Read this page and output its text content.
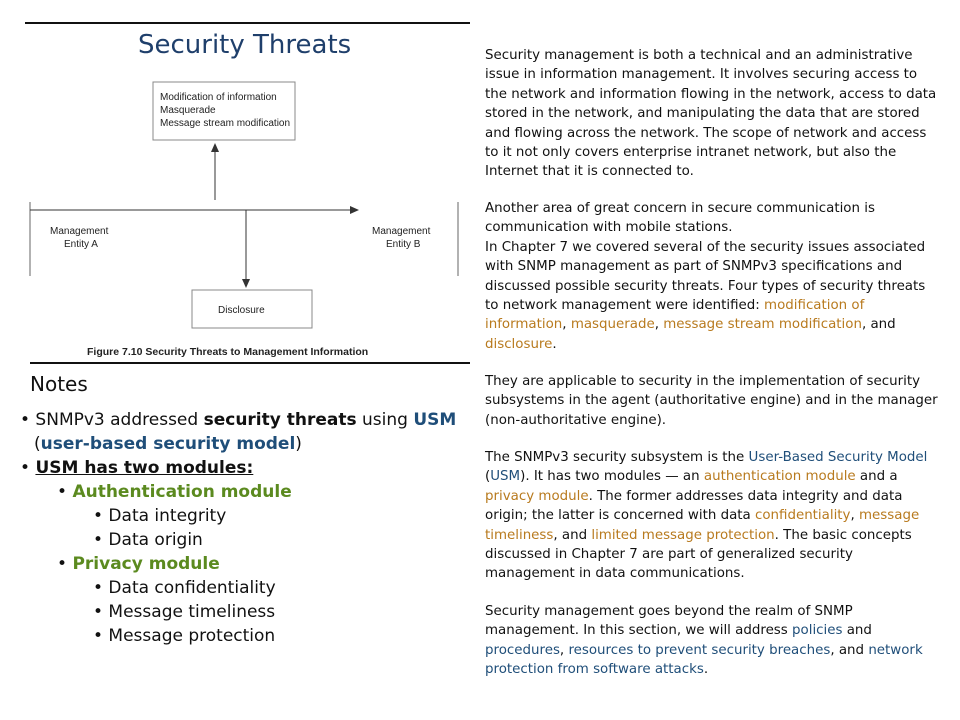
Security Threats
Modification of information
Masquerade
Message stream modification
Management
Entity A
Management
Entity B
Disclosure
Figure 7.10 Security Threats to Management Information
Notes
• SNMPv3 addressed security threats using USM
(user-based security model)
• USM has two modules:
• Authentication module
• Data integrity
• Data origin
• Privacy module
• Data confidentiality
• Message timeliness
• Message protection

Security management is both a technical and an administrative issue in information management. It involves securing access to the network and information flowing in the network, access to data stored in the network, and manipulating the data that are stored and flowing across the network. The scope of network and access to it not only covers enterprise intranet network, but also the Internet that it is connected to.

Another area of great concern in secure communication is communication with mobile stations.

In Chapter 7 we covered several of the security issues associated with SNMP management as part of SNMPv3 specifications and discussed possible security threats. Four types of security threats to network management were identified: modification of information, masquerade, message stream modification, and disclosure.

They are applicable to security in the implementation of security subsystems in the agent (authoritative engine) and in the manager (non-authoritative engine).

The SNMPv3 security subsystem is the User-Based Security Model (USM). It has two modules — an authentication module and a privacy module. The former addresses data integrity and data origin; the latter is concerned with data confidentiality, message timeliness, and limited message protection. The basic concepts discussed in Chapter 7 are part of generalized security management in data communications.

Security management goes beyond the realm of SNMP management. In this section, we will address policies and procedures, resources to prevent security breaches, and network protection from software attacks.
